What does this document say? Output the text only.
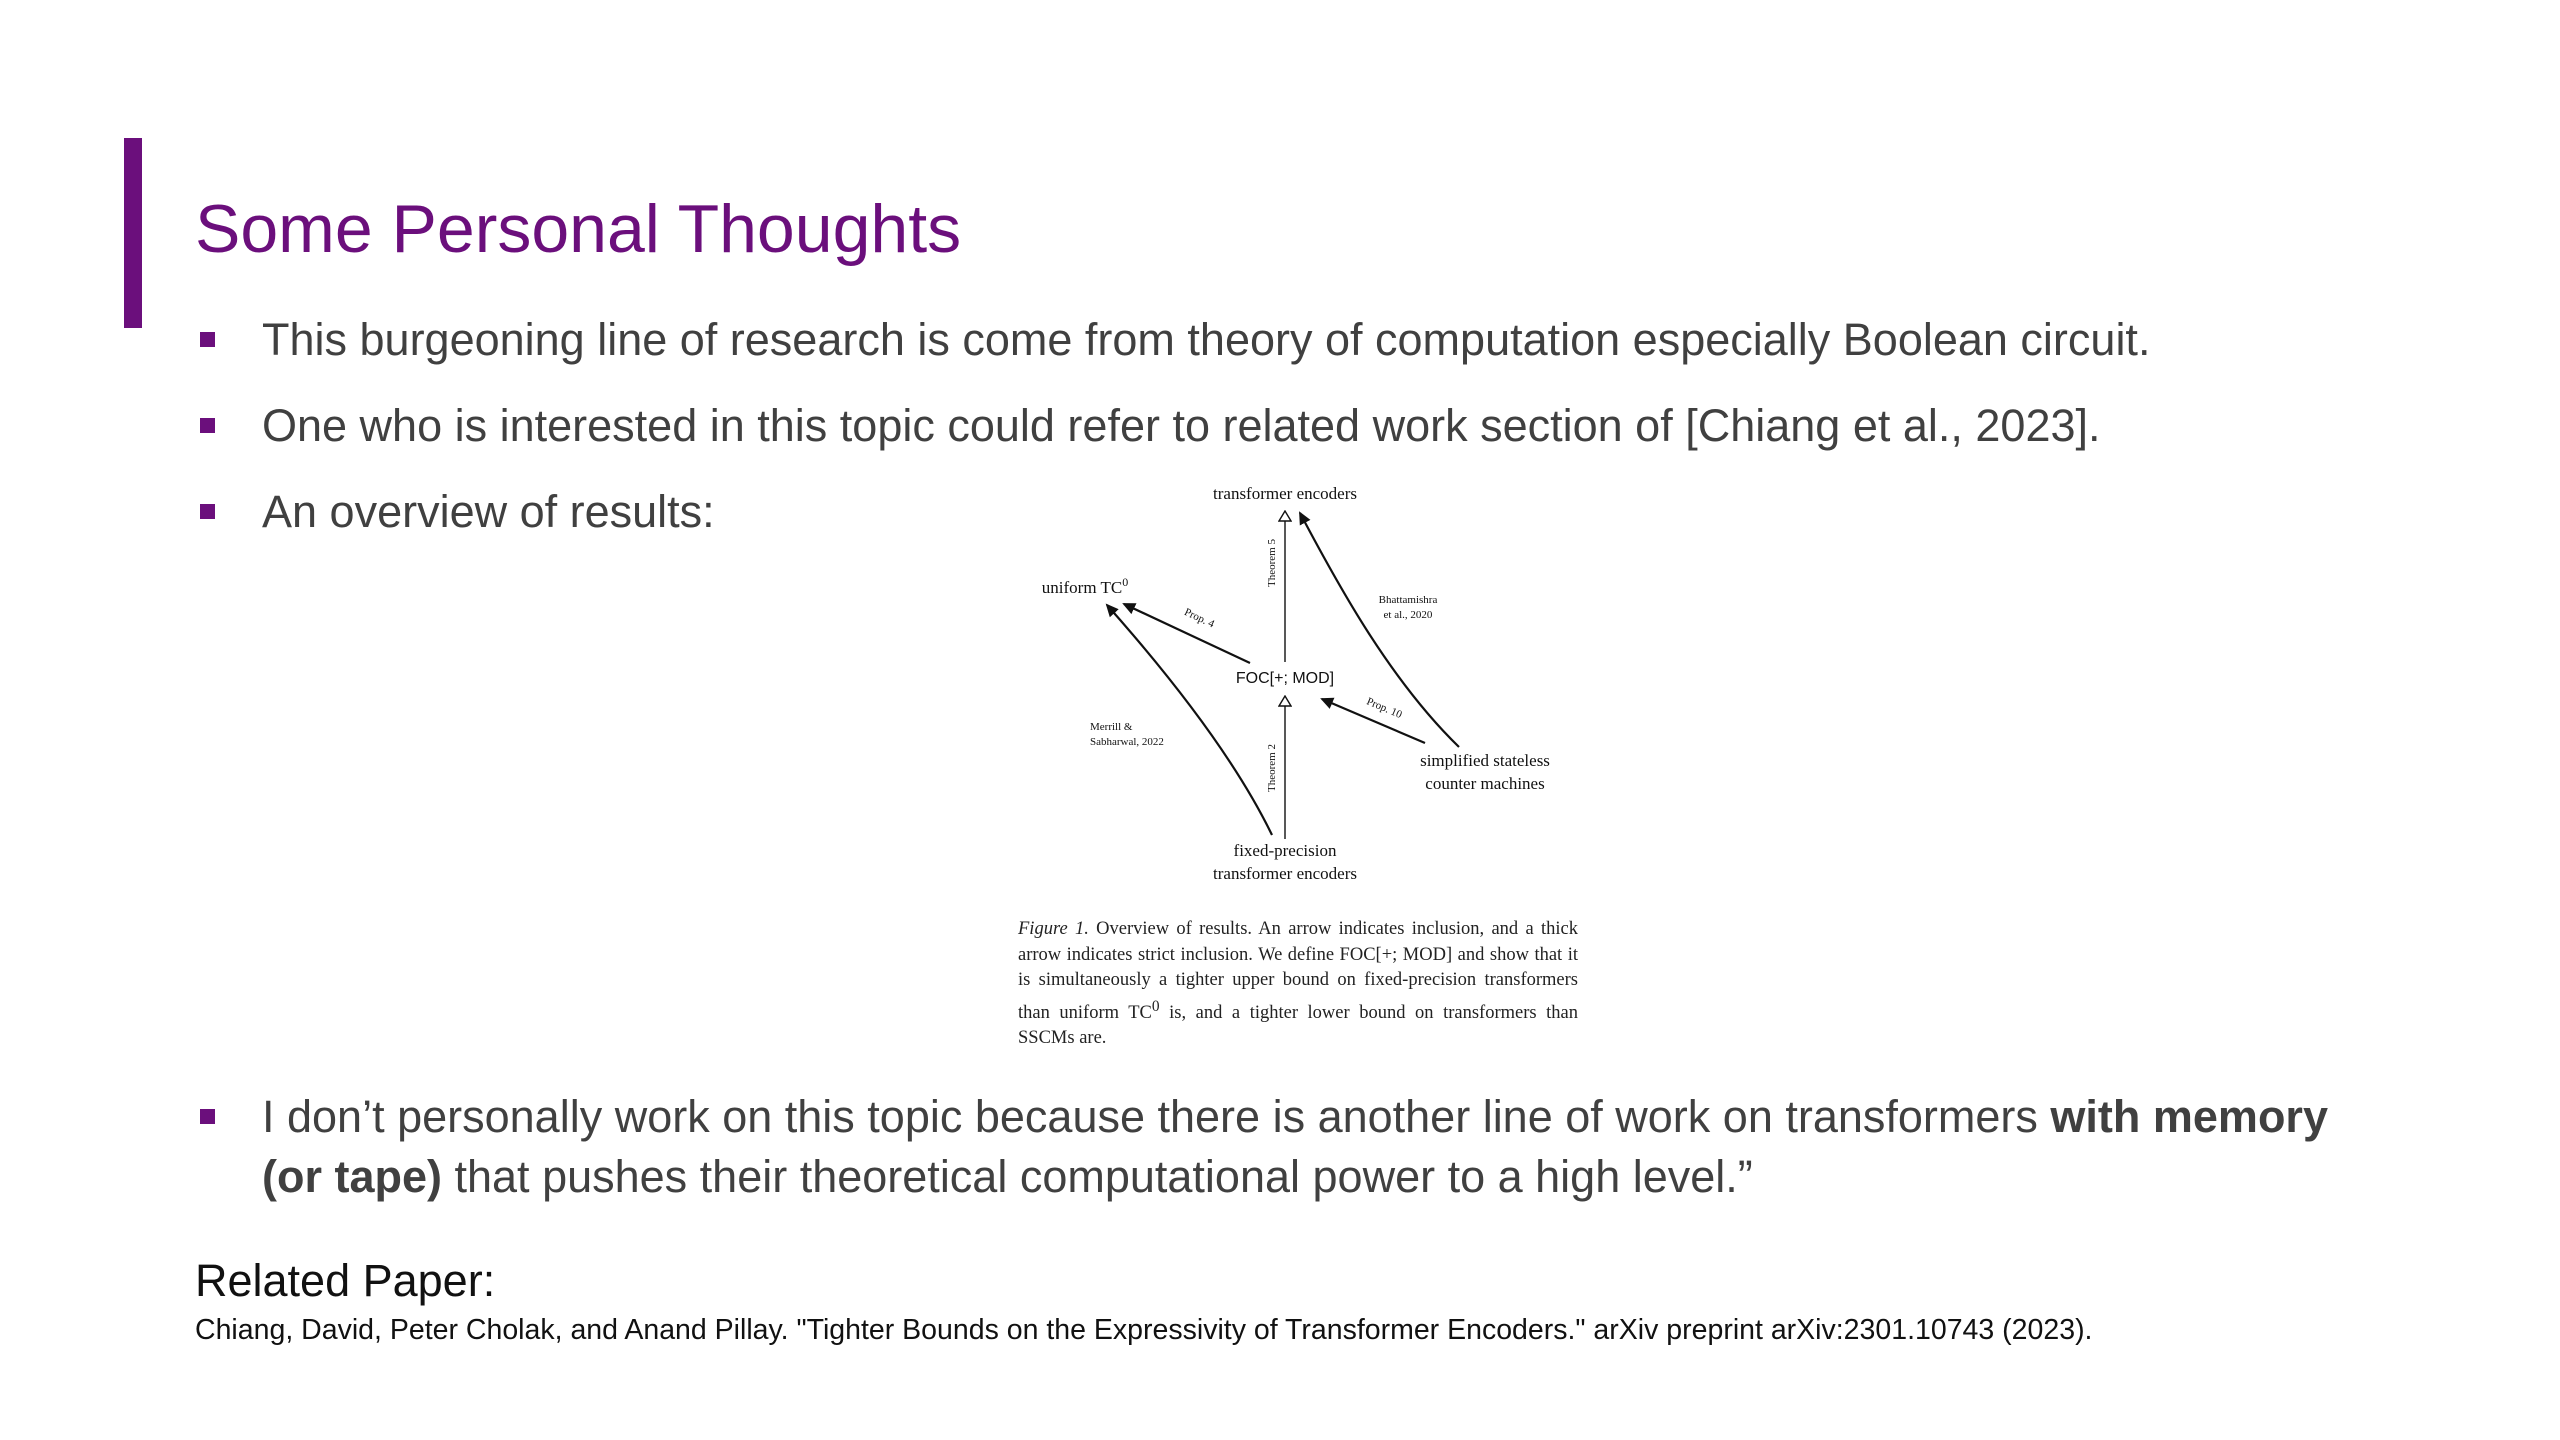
Some Personal Thoughts
This burgeoning line of research is come from theory of computation especially Boolean circuit.
One who is interested in this topic could refer to related work section of [Chiang et al., 2023].
An overview of results:
I don’t personally work on this topic because there is another line of work on transformers with memory (or tape) that pushes their theoretical computational power to a high level.”
transformer encoders
uniform $TC^0$
FOC[+; MOD]
simplified stateless
counter machines
fixed-precision
transformer encoders
Theorem 5
Theorem 2
Prop. 4
Prop. 10
Bhattamishra
et al., 2020
Merrill &
Sabharwal, 2022
Figure 1. Overview of results. An arrow indicates inclusion, and a thick arrow indicates strict inclusion. We define FOC[+; MOD] and show that it is simultaneously a tighter upper bound on fixed-precision transformers than uniform $TC^0$ is, and a tighter lower bound on transformers than SSCMs are.
Related Paper:
Chiang, David, Peter Cholak, and Anand Pillay. "Tighter Bounds on the Expressivity of Transformer Encoders." arXiv preprint arXiv:2301.10743 (2023).
